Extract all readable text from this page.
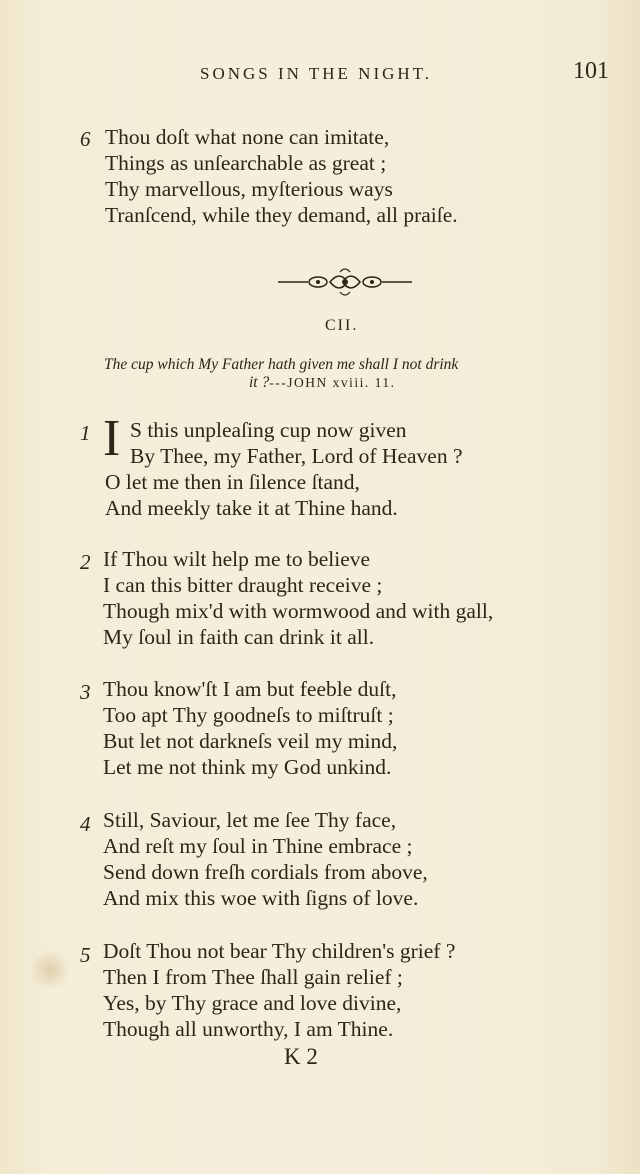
SONGS IN THE NIGHT.	101
6 Thou doſt what none can imitate,
Things as unſearchable as great ;
Thy marvellous, myſterious ways
Tranſcend, while they demand, all praiſe.
CII.
The cup which My Father hath given me shall I not drink
it ?---JOHN xviii. 11.
1 I S this unpleaſing cup now given
By Thee, my Father, Lord of Heaven ?
O let me then in ſilence ſtand,
And meekly take it at Thine hand.
2 If Thou wilt help me to believe
I can this bitter draught receive ;
Though mix'd with wormwood and with gall,
My ſoul in faith can drink it all.
3 Thou know'ſt I am but feeble duſt,
Too apt Thy goodneſs to miſtruſt ;
But let not darkneſs veil my mind,
Let me not think my God unkind.
4 Still, Saviour, let me ſee Thy face,
And reſt my ſoul in Thine embrace ;
Send down freſh cordials from above,
And mix this woe with ſigns of love.
5 Doſt Thou not bear Thy children's grief ?
Then I from Thee ſhall gain relief ;
Yes, by Thy grace and love divine,
Though all unworthy, I am Thine.
K 2
